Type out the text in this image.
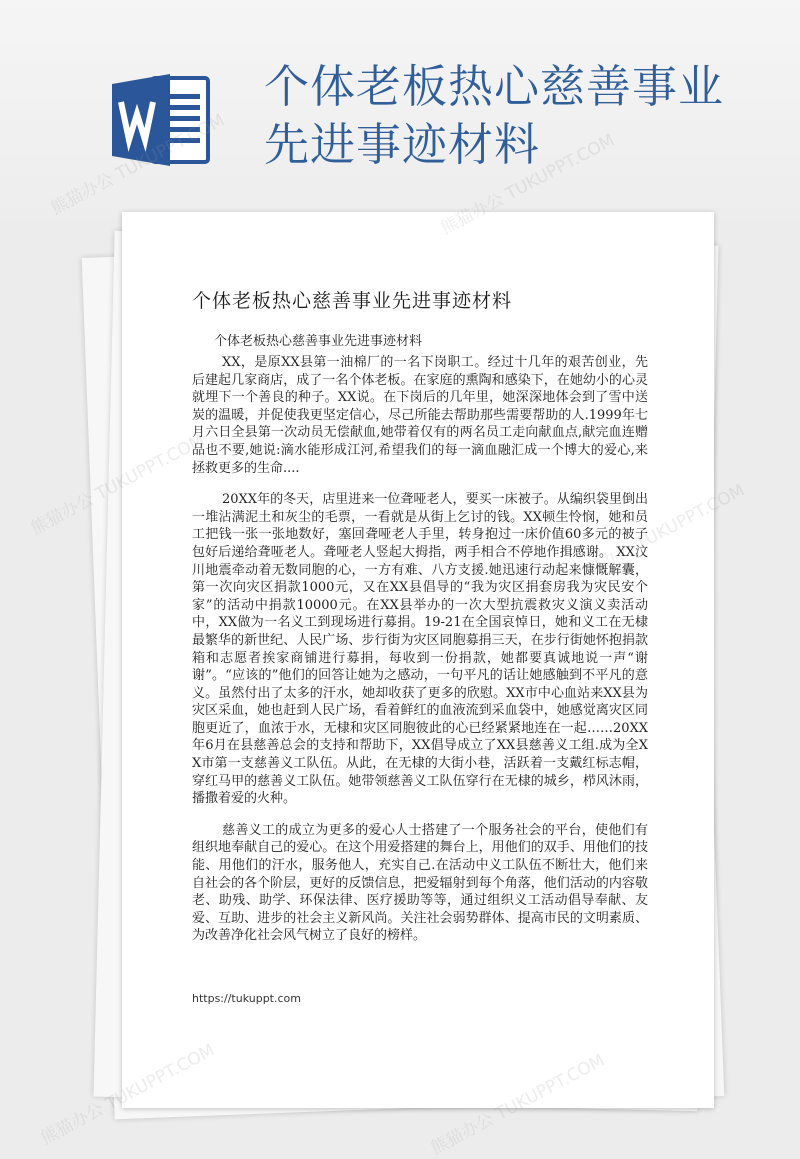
个体老板热心慈善事业
先进事迹材料
个体老板热心慈善事业先进事迹材料
个体老板热心慈善事业先进事迹材料

XX，是原XX县第一油棉厂的一名下岗职工。经过十几年的艰苦创业，先后建起几家商店，成了一名个体老板。在家庭的熏陶和感染下，在她幼小的心灵就埋下一个善良的种子。XX说。在下岗后的几年里，她深深地体会到了雪中送炭的温暖，并促使我更坚定信心，尽己所能去帮助那些需要帮助的人.1999年七月六日全县第一次动员无偿献血,她带着仅有的两名员工走向献血点,献完血连赠品也不要,她说:滴水能形成江河,希望我们的每一滴血融汇成一个博大的爱心,来拯救更多的生命....

20XX年的冬天，店里进来一位聋哑老人，要买一床被子。从编织袋里倒出一堆沾满泥土和灰尘的毛票，一看就是从街上乞讨的钱。XX顿生怜悯，她和员工把钱一张一张地数好，塞回聋哑老人手里，转身抱过一床价值60多元的被子包好后递给聋哑老人。聋哑老人竖起大拇指，两手相合不停地作揖感谢。 XX汶川地震牵动着无数同胞的心，一方有难、八方支援.她迅速行动起来慷慨解囊，第一次向灾区捐款1000元，又在XX县倡导的“我为灾区捐套房我为灾民安个家”的活动中捐款10000元。在XX县举办的一次大型抗震救灾义演义卖活动中，XX做为一名义工到现场进行募捐。19-21在全国哀悼日，她和义工在无棣最繁华的新世纪、人民广场、步行街为灾区同胞募捐三天，在步行街她怀抱捐款箱和志愿者挨家商铺进行募捐，每收到一份捐款，她都要真诚地说一声“谢谢”。“应该的”他们的回答让她为之感动，一句平凡的话让她感触到不平凡的意义。虽然付出了太多的汗水，她却收获了更多的欣慰。XX市中心血站来XX县为灾区采血，她也赶到人民广场，看着鲜红的血液流到采血袋中，她感觉离灾区同胞更近了，血浓于水，无棣和灾区同胞彼此的心已经紧紧地连在一起……20XX年6月在县慈善总会的支持和帮助下，XX倡导成立了XX县慈善义工组.成为全XX市第一支慈善义工队伍。从此，在无棣的大街小巷，活跃着一支戴红标志帽，穿红马甲的慈善义工队伍。她带领慈善义工队伍穿行在无棣的城乡，栉风沐雨，播撒着爱的火种。

慈善义工的成立为更多的爱心人士搭建了一个服务社会的平台，使他们有组织地奉献自己的爱心。在这个用爱搭建的舞台上，用他们的双手、用他们的技能、用他们的汗水，服务他人，充实自己.在活动中义工队伍不断壮大，他们来自社会的各个阶层，更好的反馈信息，把爱辐射到每个角落，他们活动的内容敬老、助残、助学、环保法律、医疗援助等等，通过组织义工活动倡导奉献、友爱、互助、进步的社会主义新风尚。关注社会弱势群体、提高市民的文明素质、为改善净化社会风气树立了良好的榜样。

https://tukuppt.com
熊猫办公
熊猫办公
